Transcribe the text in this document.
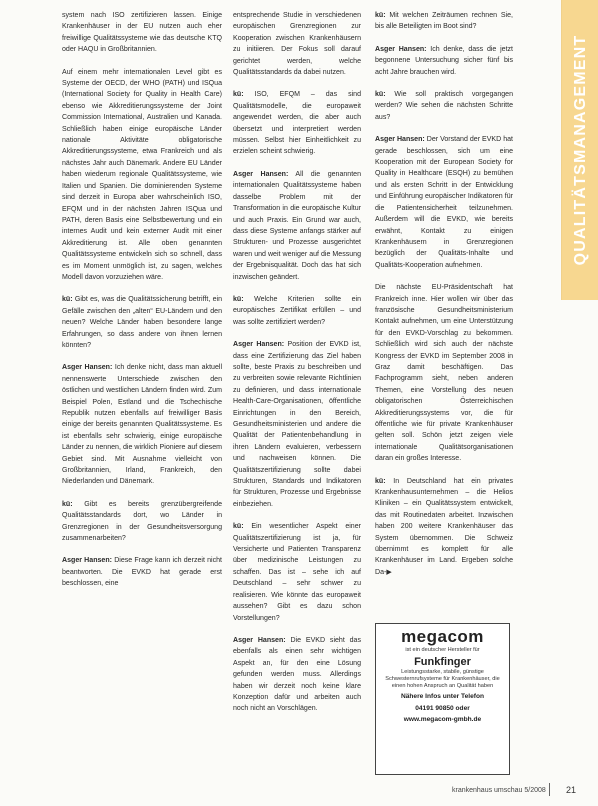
system nach ISO zertifizieren lassen. Einige Krankenhäuser in der EU nutzen auch eher freiwillige Qualitätssysteme wie das deutsche KTQ oder HAQU in Großbritannien.

Auf einem mehr internationalen Level gibt es Systeme der OECD, der WHO (PATH) und ISQua (International Society for Quality in Health Care) ebenso wie Akkreditierungssysteme der Joint Commission International, Australien und Kanada. Schließlich haben einige europäische Länder nationale Aktivitäte obligatorische Akkreditierungssysteme, etwa Frankreich und als nächstes Jahr auch Dänemark. Andere EU Länder haben wiederum regionale Qualitätssysteme, wie Italien und Spanien. Die dominierenden Systeme sind derzeit in Europa aber wahrscheinlich ISO, EFQM und in der nächsten Jahren ISQua und PATH, deren Basis eine Selbstbewertung und ein internes Audit und kein externer Audit mit einer Akkreditierung ist. Alle oben genannten Qualitätssysteme entwickeln sich so schnell, dass es im Moment unmöglich ist, zu sagen, welches Modell davon vorzuziehen wäre.

kü: Gibt es, was die Qualitätssicherung betrifft, ein Gefälle zwischen den „alten“ EU-Ländern und den neuen? Welche Länder haben besondere lange Erfahrungen, so dass andere von ihnen lernen könnten?

Asger Hansen: Ich denke nicht, dass man aktuell nennenswerte Unterschiede zwischen den östlichen und westlichen Ländern finden wird. Zum Beispiel Polen, Estland und die Tschechische Republik nutzen ebenfalls auf freiwilliger Basis einige der bereits genannten Qualitätssysteme. Es ist ebenfalls sehr schwierig, einige europäische Länder zu nennen, die wirklich Pioniere auf diesem Gebiet sind. Mit Ausnahme vielleicht von Großbritannien, Irland, Frankreich, den Niederlanden und Dänemark.

kü: Gibt es bereits grenzübergreifende Qualitätsstandards dort, wo Länder in Grenzregionen in der Gesundheitsversorgung zusammenarbeiten?

Asger Hansen: Diese Frage kann ich derzeit nicht beantworten. Die EVKD hat gerade erst beschlossen, eine

entsprechende Studie in verschiedenen europäischen Grenzregionen zur Kooperation zwischen Krankenhäusern zu initiieren. Der Fokus soll darauf gerichtet werden, welche Qualitätsstandards da dabei nutzen.

kü: ISO, EFQM – das sind Qualitätsmodelle, die europaweit angewendet werden, die aber auch übersetzt und interpretiert werden müssen. Selbst hier Einheitlichkeit zu erzielen scheint schwierig.

Asger Hansen: All die genannten internationalen Qualitätssysteme haben dasselbe Problem mit der Transformation in die europäische Kultur und auch Praxis. Ein Grund war auch, dass diese Systeme anfangs stärker auf Strukturen- und Prozesse ausgerichtet waren und weit weniger auf die Messung der Ergebnisqualität. Doch das hat sich inzwischen geändert.

kü: Welche Kriterien sollte ein europäisches Zertifikat erfüllen – und was sollte zertifiziert werden?

Asger Hansen: Position der EVKD ist, dass eine Zertifizierung das Ziel haben sollte, beste Praxis zu beschreiben und zu verbreiten sowie relevante Richtlinien zu definieren, und dass internationale Health-Care-Organisationen, öffentliche Einrichtungen in den Bereich, Gesundheitsministerien und andere die Qualität der Patientenbehandlung in ihren Ländern evaluieren, verbessern und nachweisen können. Die Qualitätszertifizierung sollte dabei Strukturen, Standards und Indikatoren für Strukturen, Prozesse und Ergebnisse einbeziehen.

kü: Ein wesentlicher Aspekt einer Qualitätszertifizierung ist ja, für Versicherte und Patienten Transparenz über medizinische Leistungen zu schaffen. Das ist – sehe ich auf Deutschland – sehr schwer zu realisieren. Wie könnte das europaweit aussehen? Gibt es dazu schon Vorstellungen?

Asger Hansen: Die EVKD sieht das ebenfalls als einen sehr wichtigen Aspekt an, für den eine Lösung gefunden werden muss. Allerdings haben wir derzeit noch keine klare Konzeption dafür und arbeiten auch noch nicht an Vorschlägen.

kü: Mit welchen Zeiträumen rechnen Sie, bis alle Beteiligten im Boot sind?

Asger Hansen: Ich denke, dass die jetzt begonnene Untersuchung sicher fünf bis acht Jahre brauchen wird.

kü: Wie soll praktisch vorgegangen werden? Wie sehen die nächsten Schritte aus?

Asger Hansen: Der Vorstand der EVKD hat gerade beschlossen, sich um eine Kooperation mit der European Society for Quality in Healthcare (ESQH) zu bemühen und als ersten Schritt in der Entwicklung und Einführung europäischer Indikatoren für die Patientensicherheit teilzunehmen. Außerdem will die EVKD, wie bereits erwähnt, Kontakt zu einigen Krankenhäusern in Grenzregionen bezüglich der Qualitäts-Inhalte und Qualitäts-Kooperation aufnehmen.

Die nächste EU-Präsidentschaft hat Frankreich inne. Hier wollen wir über das französische Gesundheitsministerium Kontakt aufnehmen, um eine Unterstützung für den EVKD-Vorschlag zu bekommen. Schließlich wird sich auch der nächste Kongress der EVKD im September 2008 in Graz damit beschäftigen. Das Fachprogramm sieht, neben anderen Themen, eine Vorstellung des neuen obligatorischen Österreichischen Akkreditierungssystems vor, die für öffentliche wie für private Krankenhäuser gelten soll. Schön jetzt zeigen viele internationale Qualitätsorganisationen daran ein großes Interesse.

kü: In Deutschland hat ein privates Krankenhausunternehmen – die Helios Kliniken – ein Qualitätssystem entwickelt, das mit Routinedaten arbeitet. Inzwischen haben 200 weitere Krankenhäuser das System übernommen. Die Schweiz übernimmt es komplett für alle Krankenhäuser im Land. Ergeben solche Da-▶

QUALITÄTSMANAGEMENT
megacom
ist ein deutscher Hersteller für
Funkfinger
Leistungsstarke, stabile, günstige Schwesternrufsysteme für Krankenhäuser, die einen hohen Anspruch an Qualität haben
Nähere Infos unter Telefon
04191 90850 oder
www.megacom-gmbh.de
krankenhaus umschau 5/2008 21
